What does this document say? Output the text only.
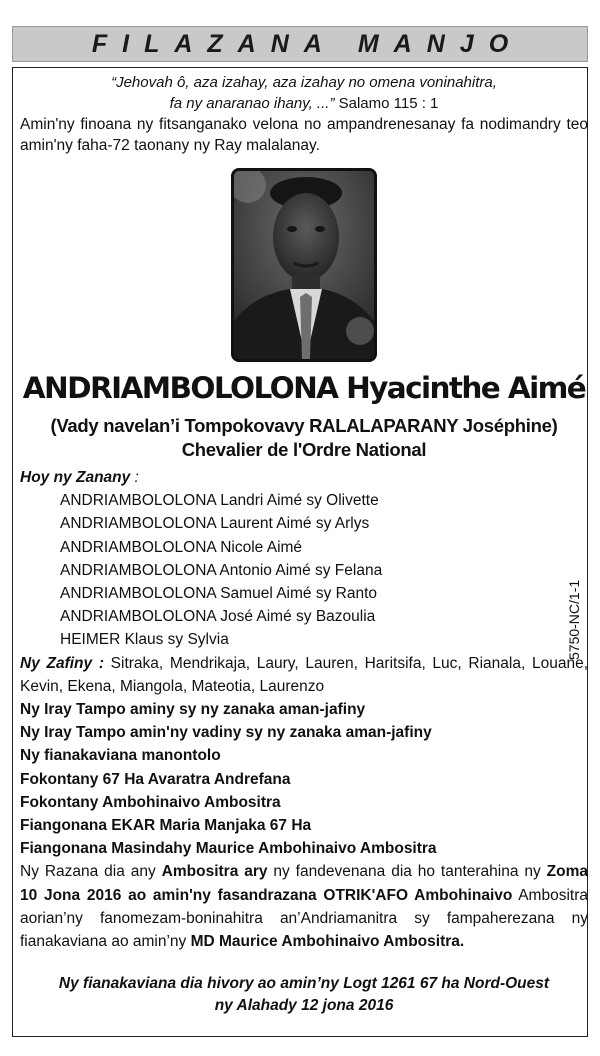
FILAZANA MANJO
“Jehovah ô, aza izahay, aza izahay no omena voninahitra,
fa ny anaranao ihany, ...” Salamo 115 : 1
Amin'ny finoana ny fitsanganako velona no ampandrenesanay fa nodimandry teo amin'ny faha-72 taonany ny Ray malalanay.
ANDRIAMBOLOLONA Hyacinthe Aimé
(Vady navelan’i Tompokovavy RALALAPARANY Joséphine)
Chevalier de l'Ordre National
Hoy ny Zanany :
ANDRIAMBOLOLONA Landri Aimé sy Olivette
ANDRIAMBOLOLONA Laurent Aimé sy Arlys
ANDRIAMBOLOLONA Nicole Aimé
ANDRIAMBOLOLONA Antonio Aimé sy Felana
ANDRIAMBOLOLONA Samuel Aimé sy Ranto
ANDRIAMBOLOLONA José Aimé sy Bazoulia
HEIMER Klaus sy Sylvia
Ny Zafiny : Sitraka, Mendrikaja, Laury, Lauren, Haritsifa, Luc, Rianala, Louane, Kevin, Ekena, Miangola, Mateotia, Laurenzo
Ny Iray Tampo aminy sy ny zanaka aman-jafiny
Ny Iray Tampo amin'ny vadiny sy ny zanaka aman-jafiny
Ny fianakaviana manontolo
Fokontany 67 Ha Avaratra Andrefana
Fokontany Ambohinaivo Ambositra
Fiangonana EKAR Maria Manjaka 67 Ha
Fiangonana Masindahy Maurice Ambohinaivo Ambositra
Ny Razana dia any Ambositra ary ny fandevenana dia ho tanterahina ny Zoma 10 Jona 2016 ao amin'ny fasandrazana OTRIK'AFO Ambohinaivo Ambositra aorian’ny fanomezam-boninahitra an’Andriamanitra sy fampaherezana ny fianakaviana ao amin’ny MD Maurice Ambohinaivo Ambositra.
Ny fianakaviana dia hivory ao amin’ny Logt 1261 67 ha Nord-Ouest
ny Alahady 12 jona 2016
5750-NC/1-1
